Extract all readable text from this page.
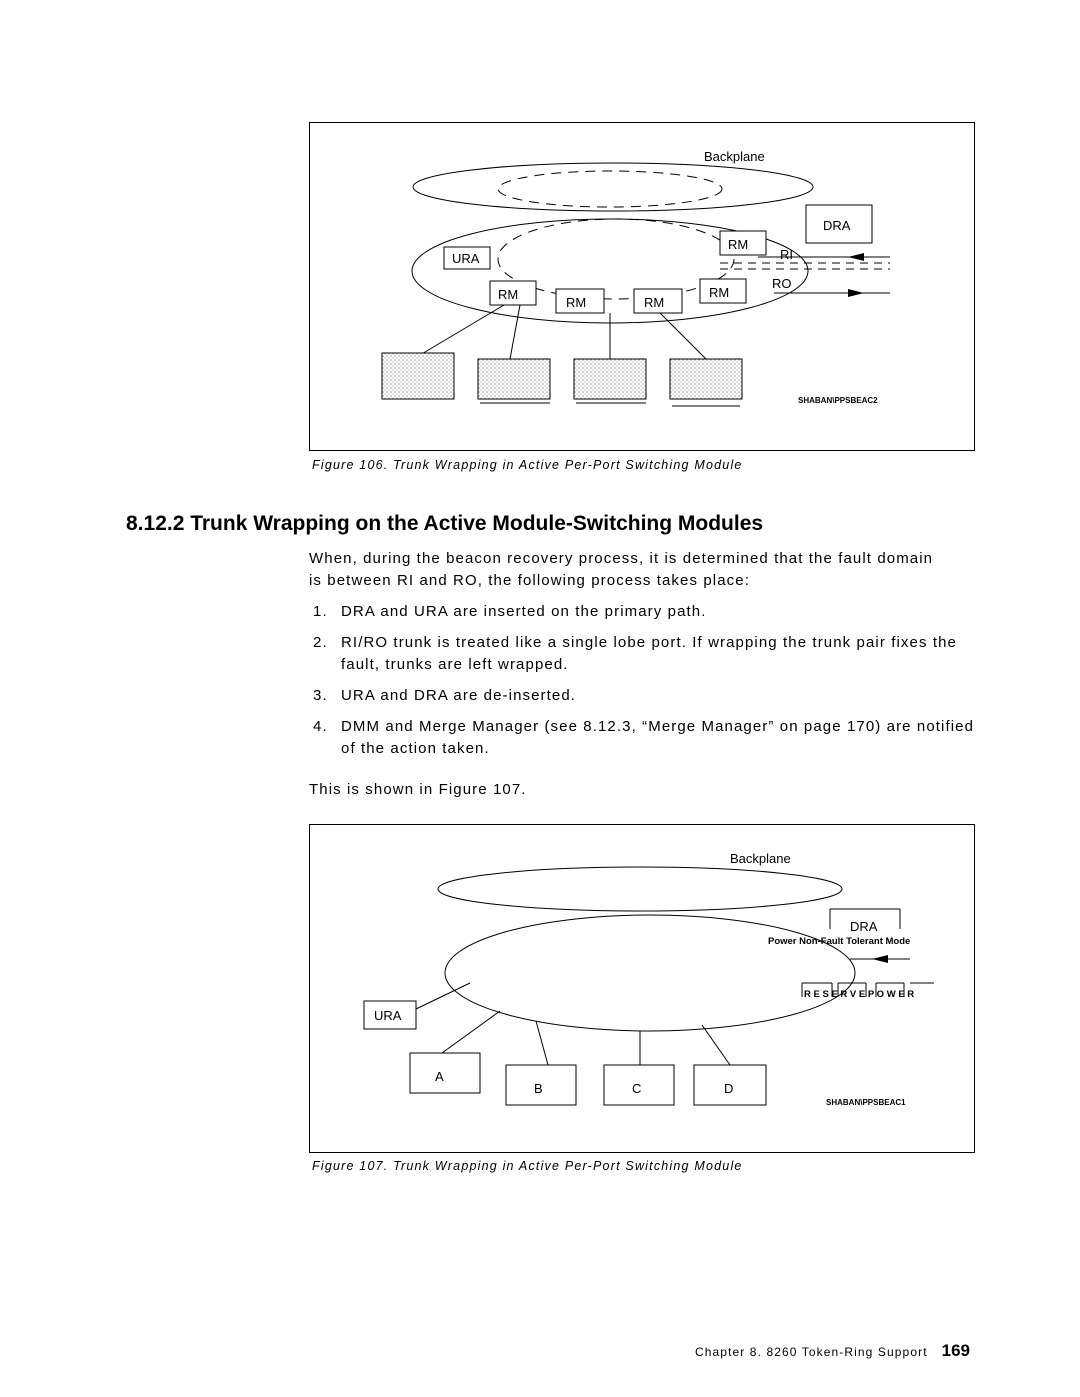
Backplane
DRA
URA
RM
RM
RM	RM
RM
RI
RO
SHABAN\PPSBEAC2
Figure 106. Trunk Wrapping in Active Per-Port Switching Module
8.12.2 Trunk Wrapping on the Active Module-Switching Modules
When, during the beacon recovery process, it is determined that the fault domain
is between RI and RO, the following process takes place:
1. DRA and URA are inserted on the primary path.
2. RI/RO trunk is treated like a single lobe port. If wrapping the trunk pair fixes the fault, trunks are left wrapped.
3. URA and DRA are de-inserted.
4. DMM and Merge Manager (see 8.12.3, “Merge Manager” on page 170) are notified of the action taken.
This is shown in Figure 107.
Backplane
DRA
Power Non-Fault Tolerant Mode
R E S E R V E P O W E R
URA
A
B	C	D
SHABAN\PPSBEAC1
Figure 107. Trunk Wrapping in Active Per-Port Switching Module
Chapter 8. 8260 Token-Ring Support 169
